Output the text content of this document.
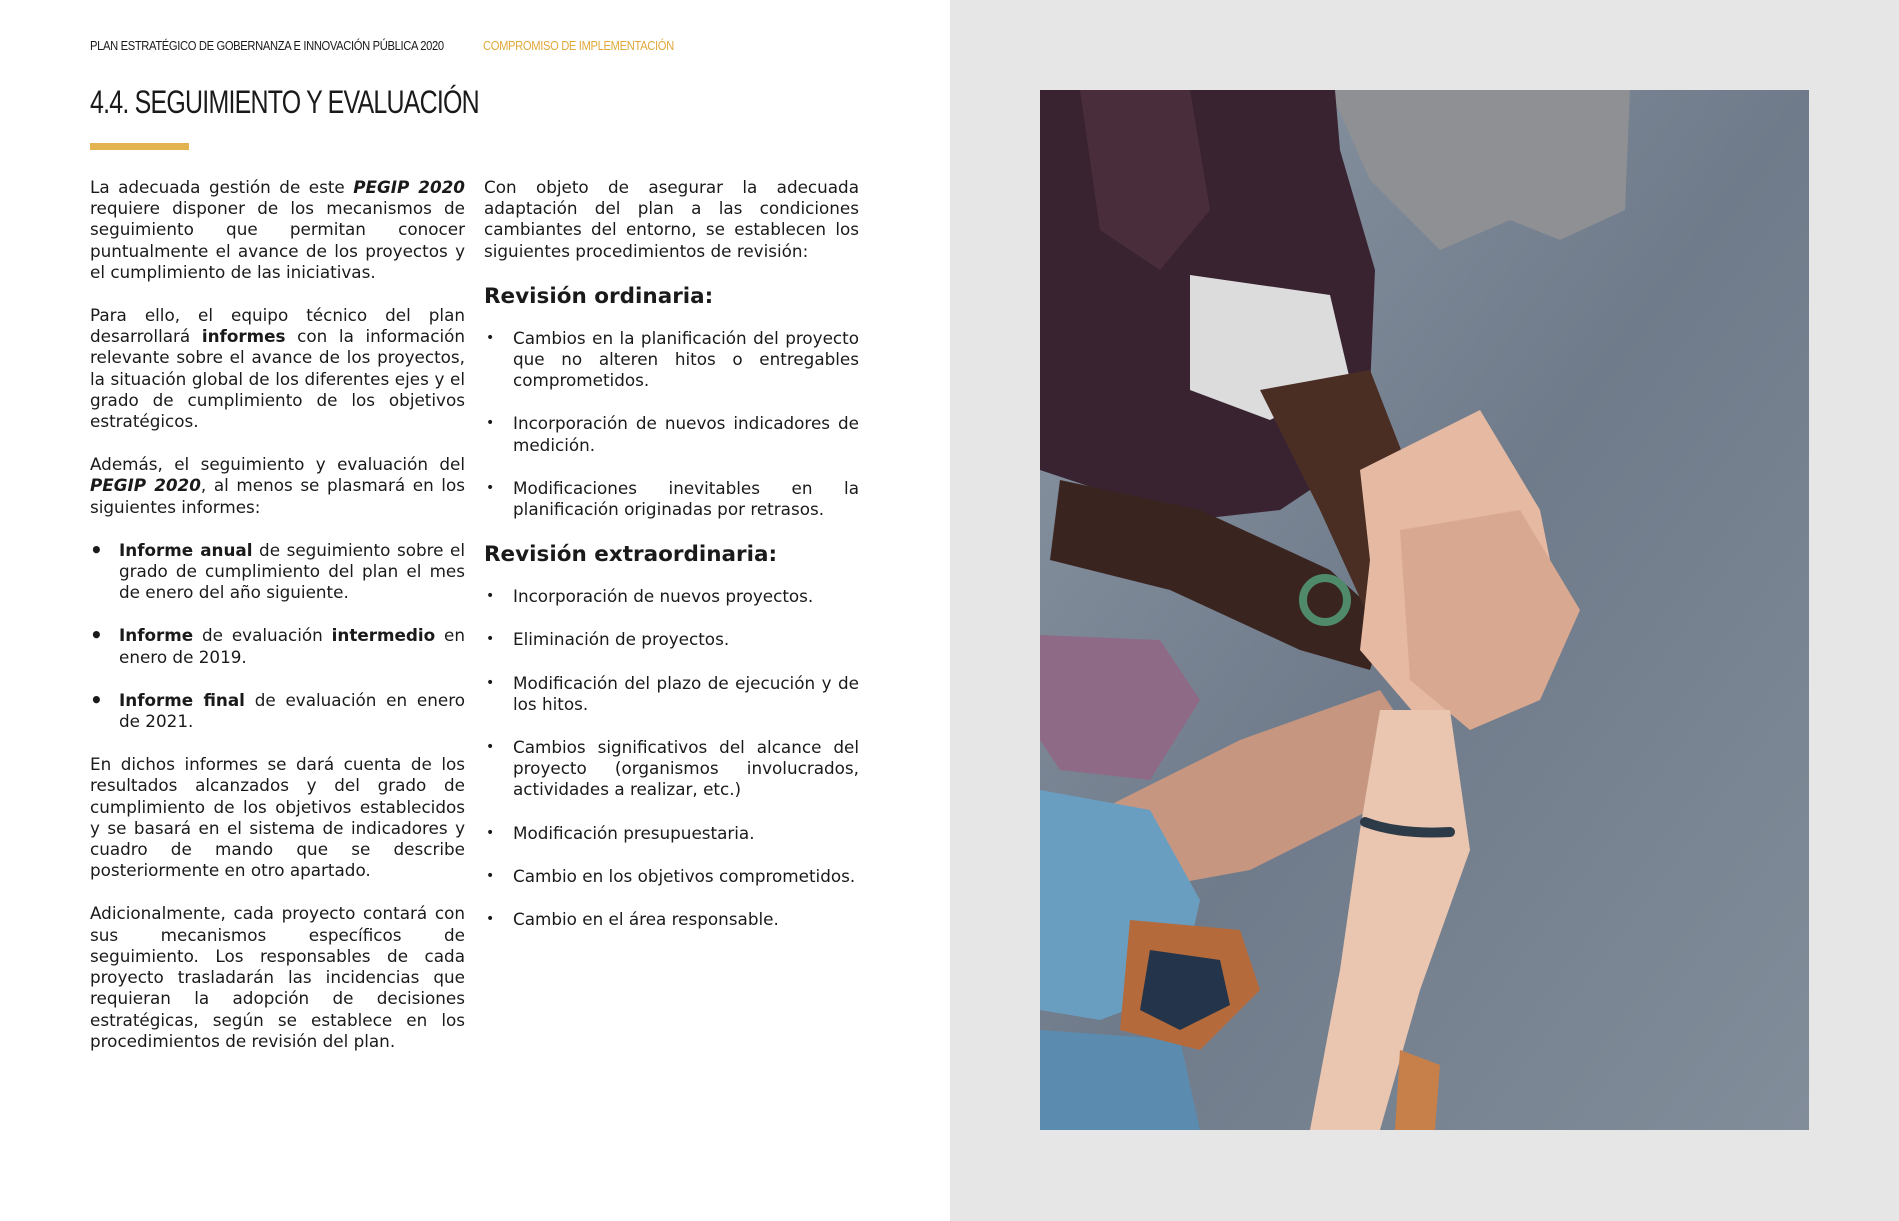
PLAN ESTRATÉGICO DE GOBERNANZA E INNOVACIÓN PÚBLICA 2020	COMPROMISO DE IMPLEMENTACIÓN
4.4. SEGUIMIENTO Y EVALUACIÓN

La adecuada gestión de este PEGIP 2020 requiere disponer de los mecanismos de seguimiento que permitan conocer puntualmente el avance de los proyectos y el cumplimiento de las iniciativas.

Para ello, el equipo técnico del plan desarrollará informes con la información relevante sobre el avance de los proyectos, la situación global de los diferentes ejes y el grado de cumplimiento de los objetivos estratégicos.

Además, el seguimiento y evaluación del PEGIP 2020, al menos se plasmará en los siguientes informes:

• Informe anual de seguimiento sobre el grado de cumplimiento del plan el mes de enero del año siguiente.
• Informe de evaluación intermedio en enero de 2019.
• Informe final de evaluación en enero de 2021.

En dichos informes se dará cuenta de los resultados alcanzados y del grado de cumplimiento de los objetivos establecidos y se basará en el sistema de indicadores y cuadro de mando que se describe posteriormente en otro apartado.

Adicionalmente, cada proyecto contará con sus mecanismos específicos de seguimiento. Los responsables de cada proyecto trasladarán las incidencias que requieran la adopción de decisiones estratégicas, según se establece en los procedimientos de revisión del plan.

Con objeto de asegurar la adecuada adaptación del plan a las condiciones cambiantes del entorno, se establecen los siguientes procedimientos de revisión:

Revisión ordinaria:
• Cambios en la planificación del proyecto que no alteren hitos o entregables comprometidos.
• Incorporación de nuevos indicadores de medición.
• Modificaciones inevitables en la planificación originadas por retrasos.
Revisión extraordinaria:
• Incorporación de nuevos proyectos.
• Eliminación de proyectos.
• Modificación del plazo de ejecución y de los hitos.
• Cambios significativos del alcance del proyecto (organismos involucrados, actividades a realizar, etc.)
• Modificación presupuestaria.
• Cambio en los objetivos comprometidos.
• Cambio en el área responsable.
